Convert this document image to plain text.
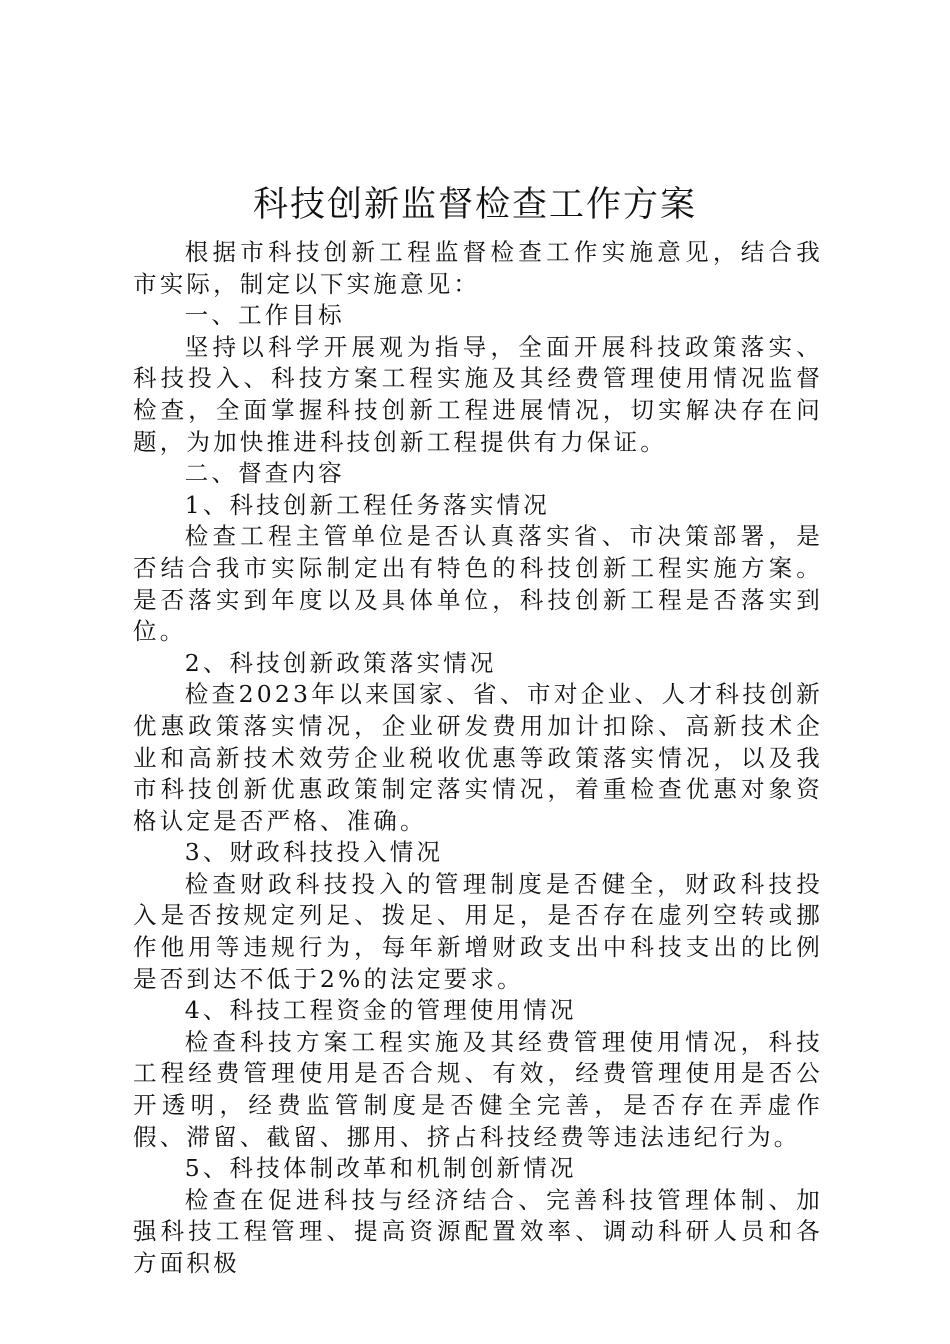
科技创新监督检查工作方案

根据市科技创新工程监督检查工作实施意见，结合我市实际，制定以下实施意见：

一、工作目标

坚持以科学开展观为指导，全面开展科技政策落实、科技投入、科技方案工程实施及其经费管理使用情况监督检查，全面掌握科技创新工程进展情况，切实解决存在问题，为加快推进科技创新工程提供有力保证。

二、督查内容

1、科技创新工程任务落实情况

检查工程主管单位是否认真落实省、市决策部署，是否结合我市实际制定出有特色的科技创新工程实施方案。是否落实到年度以及具体单位，科技创新工程是否落实到位。

2、科技创新政策落实情况

检查2023年以来国家、省、市对企业、人才科技创新优惠政策落实情况，企业研发费用加计扣除、高新技术企业和高新技术效劳企业税收优惠等政策落实情况，以及我市科技创新优惠政策制定落实情况，着重检查优惠对象资格认定是否严格、准确。

3、财政科技投入情况

检查财政科技投入的管理制度是否健全，财政科技投入是否按规定列足、拨足、用足，是否存在虚列空转或挪作他用等违规行为，每年新增财政支出中科技支出的比例是否到达不低于2%的法定要求。

4、科技工程资金的管理使用情况

检查科技方案工程实施及其经费管理使用情况，科技工程经费管理使用是否合规、有效，经费管理使用是否公开透明，经费监管制度是否健全完善，是否存在弄虚作假、滞留、截留、挪用、挤占科技经费等违法违纪行为。

5、科技体制改革和机制创新情况

检查在促进科技与经济结合、完善科技管理体制、加强科技工程管理、提高资源配置效率、调动科研人员和各方面积极
